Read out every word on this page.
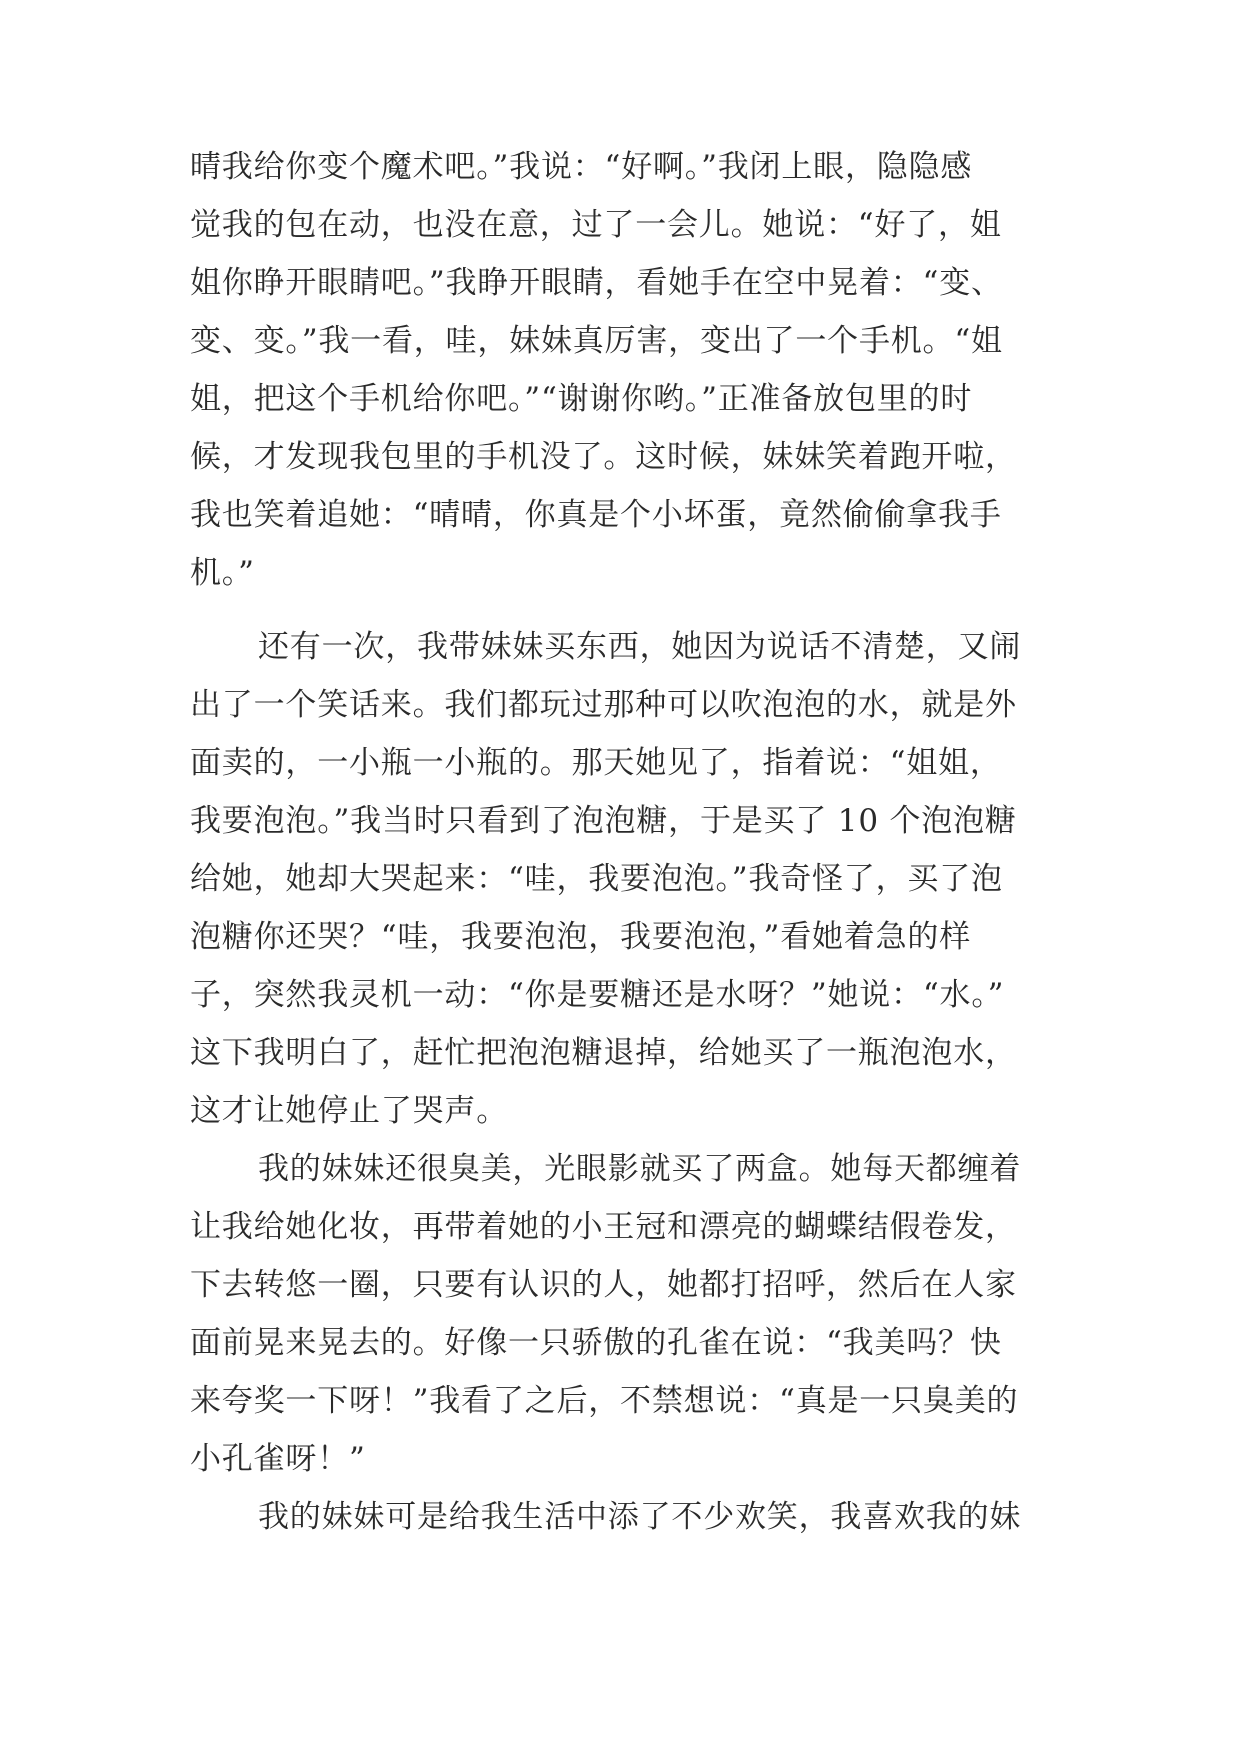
晴我给你变个魔术吧。”我说：“好啊。”我闭上眼，隐隐感
觉我的包在动，也没在意，过了一会儿。她说：“好了，姐
姐你睁开眼睛吧。”我睁开眼睛，看她手在空中晃着：“变、
变、变。”我一看，哇，妹妹真厉害，变出了一个手机。“姐
姐，把这个手机给你吧。”“谢谢你哟。”正准备放包里的时
候，才发现我包里的手机没了。这时候，妹妹笑着跑开啦，
我也笑着追她：“晴晴，你真是个小坏蛋，竟然偷偷拿我手
机。”
还有一次，我带妹妹买东西，她因为说话不清楚，又闹
出了一个笑话来。我们都玩过那种可以吹泡泡的水，就是外
面卖的，一小瓶一小瓶的。那天她见了，指着说：“姐姐，
我要泡泡。”我当时只看到了泡泡糖，于是买了 10 个泡泡糖
给她，她却大哭起来：“哇，我要泡泡。”我奇怪了，买了泡
泡糖你还哭？“哇，我要泡泡，我要泡泡，”看她着急的样
子，突然我灵机一动：“你是要糖还是水呀？”她说：“水。”
这下我明白了，赶忙把泡泡糖退掉，给她买了一瓶泡泡水，
这才让她停止了哭声。
我的妹妹还很臭美，光眼影就买了两盒。她每天都缠着
让我给她化妆，再带着她的小王冠和漂亮的蝴蝶结假卷发，
下去转悠一圈，只要有认识的人，她都打招呼，然后在人家
面前晃来晃去的。好像一只骄傲的孔雀在说：“我美吗？快
来夸奖一下呀！”我看了之后，不禁想说：“真是一只臭美的
小孔雀呀！”
我的妹妹可是给我生活中添了不少欢笑，我喜欢我的妹
